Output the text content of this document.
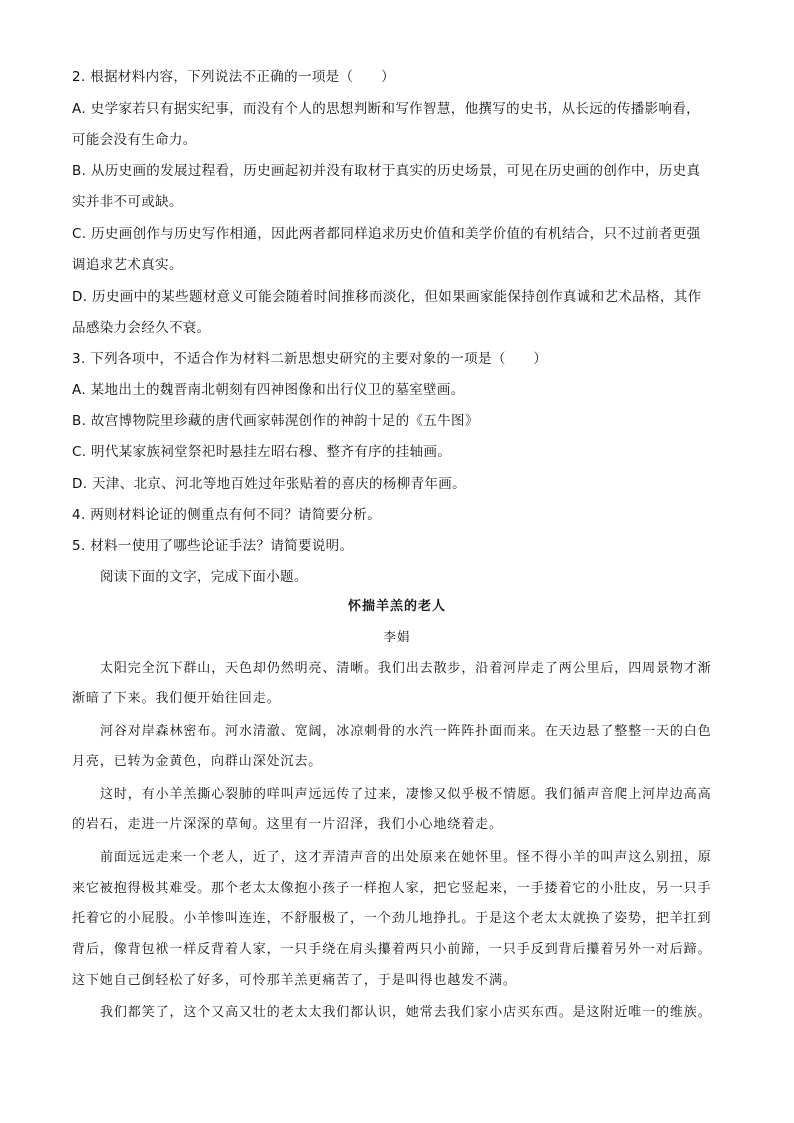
2. 根据材料内容，下列说法不正确的一项是（　　）
A. 史学家若只有据实纪事，而没有个人的思想判断和写作智慧，他撰写的史书，从长远的传播影响看，
可能会没有生命力。
B. 从历史画的发展过程看，历史画起初并没有取材于真实的历史场景，可见在历史画的创作中，历史真
实并非不可或缺。
C. 历史画创作与历史写作相通，因此两者都同样追求历史价值和美学价值的有机结合，只不过前者更强
调追求艺术真实。
D. 历史画中的某些题材意义可能会随着时间推移而淡化，但如果画家能保持创作真诚和艺术品格，其作
品感染力会经久不衰。
3. 下列各项中，不适合作为材料二新思想史研究的主要对象的一项是（　　）
A. 某地出土的魏晋南北朝刻有四神图像和出行仪卫的墓室壁画。
B. 故宫博物院里珍藏的唐代画家韩滉创作的神韵十足的《五牛图》
C. 明代某家族祠堂祭祀时悬挂左昭右穆、整齐有序的挂轴画。
D. 天津、北京、河北等地百姓过年张贴着的喜庆的杨柳青年画。
4. 两则材料论证的侧重点有何不同？请简要分析。
5. 材料一使用了哪些论证手法？请简要说明。
阅读下面的文字，完成下面小题。
怀揣羊羔的老人
李娟
太阳完全沉下群山，天色却仍然明亮、清晰。我们出去散步，沿着河岸走了两公里后，四周景物才渐
渐暗了下来。我们便开始往回走。
河谷对岸森林密布。河水清澈、宽阔，冰凉刺骨的水汽一阵阵扑面而来。在天边悬了整整一天的白色
月亮，已转为金黄色，向群山深处沉去。
这时，有小羊羔撕心裂肺的咩叫声远远传了过来，凄惨又似乎极不情愿。我们循声音爬上河岸边高高
的岩石，走进一片深深的草甸。这里有一片沼泽，我们小心地绕着走。
前面远远走来一个老人，近了，这才弄清声音的出处原来在她怀里。怪不得小羊的叫声这么别扭，原
来它被抱得极其难受。那个老太太像抱小孩子一样抱人家，把它竖起来，一手搂着它的小肚皮，另一只手
托着它的小屁股。小羊惨叫连连，不舒服极了，一个劲儿地挣扎。于是这个老太太就换了姿势，把羊扛到
背后，像背包袱一样反背着人家，一只手绕在肩头攥着两只小前蹄，一只手反到背后攥着另外一对后蹄。
这下她自己倒轻松了好多，可怜那羊羔更痛苦了，于是叫得也越发不满。
我们都笑了，这个又高又壮的老太太我们都认识，她常去我们家小店买东西。是这附近唯一的维族。
